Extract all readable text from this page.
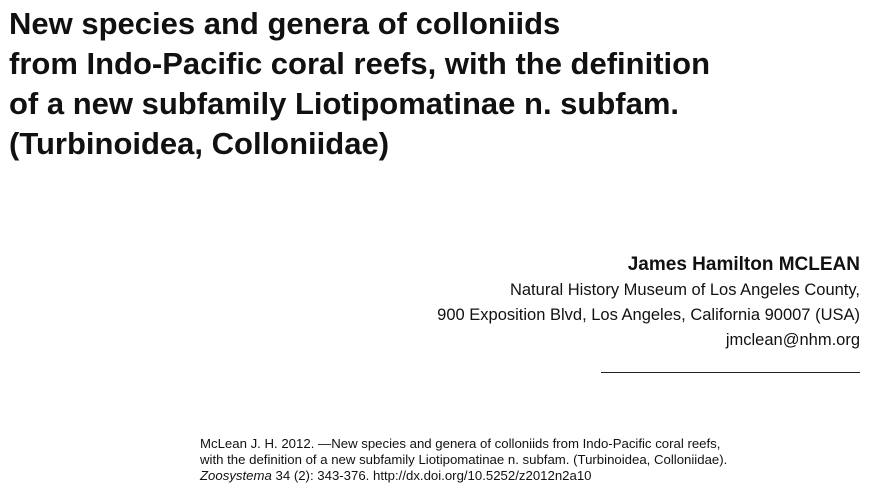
New species and genera of colloniids
from Indo-Pacific coral reefs, with the definition
of a new subfamily Liotipomatinae n. subfam.
(Turbinoidea, Colloniidae)
James Hamilton MCLEAN
Natural History Museum of Los Angeles County,
900 Exposition Blvd, Los Angeles, California 90007 (USA)
jmclean@nhm.org
McLean J. H. 2012. —New species and genera of colloniids from Indo-Pacific coral reefs,
with the definition of a new subfamily Liotipomatinae n. subfam. (Turbinoidea, Colloniidae).
Zoosystema 34 (2): 343-376. http://dx.doi.org/10.5252/z2012n2a10
